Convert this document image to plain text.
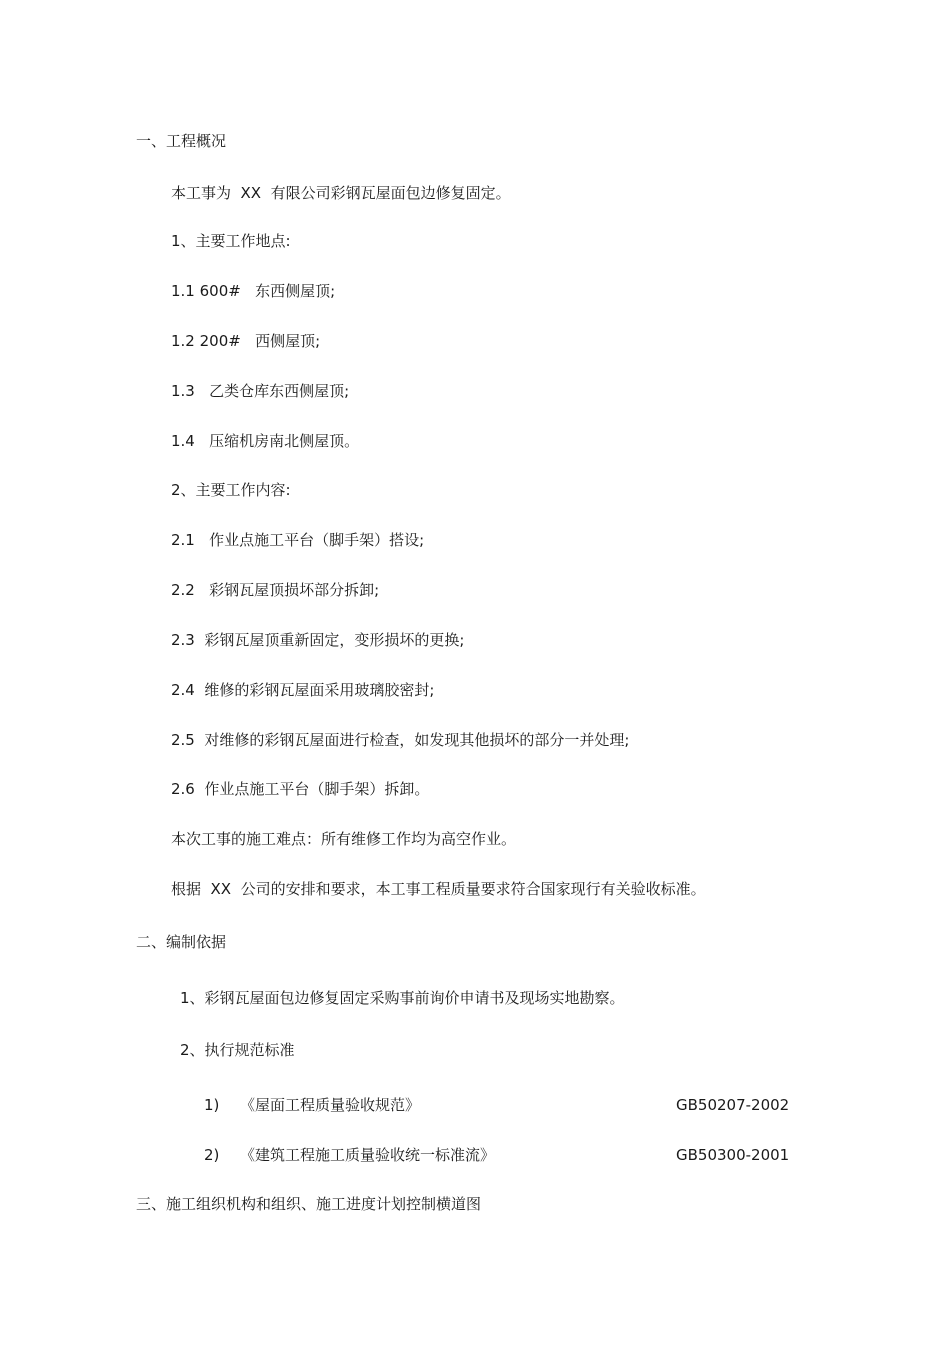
一、工程概况
本工事为  XX  有限公司彩钢瓦屋面包边修复固定。
1、主要工作地点:
1.1 600#   东西侧屋顶;
1.2 200#   西侧屋顶;
1.3   乙类仓库东西侧屋顶;
1.4   压缩机房南北侧屋顶。
2、主要工作内容:
2.1   作业点施工平台（脚手架）搭设;
2.2   彩钢瓦屋顶损坏部分拆卸;
2.3  彩钢瓦屋顶重新固定，变形损坏的更换;
2.4  维修的彩钢瓦屋面采用玻璃胶密封;
2.5  对维修的彩钢瓦屋面进行检查，如发现其他损坏的部分一并处理;
2.6  作业点施工平台（脚手架）拆卸。
本次工事的施工难点：所有维修工作均为高空作业。
根据  XX  公司的安排和要求，本工事工程质量要求符合国家现行有关验收标准。
二、编制依据
1、彩钢瓦屋面包边修复固定采购事前询价申请书及现场实地勘察。
2、执行规范标准
1) 《屋面工程质量验收规范》	GB50207-2002
2) 《建筑工程施工质量验收统一标准流》	GB50300-2001
三、施工组织机构和组织、施工进度计划控制横道图
